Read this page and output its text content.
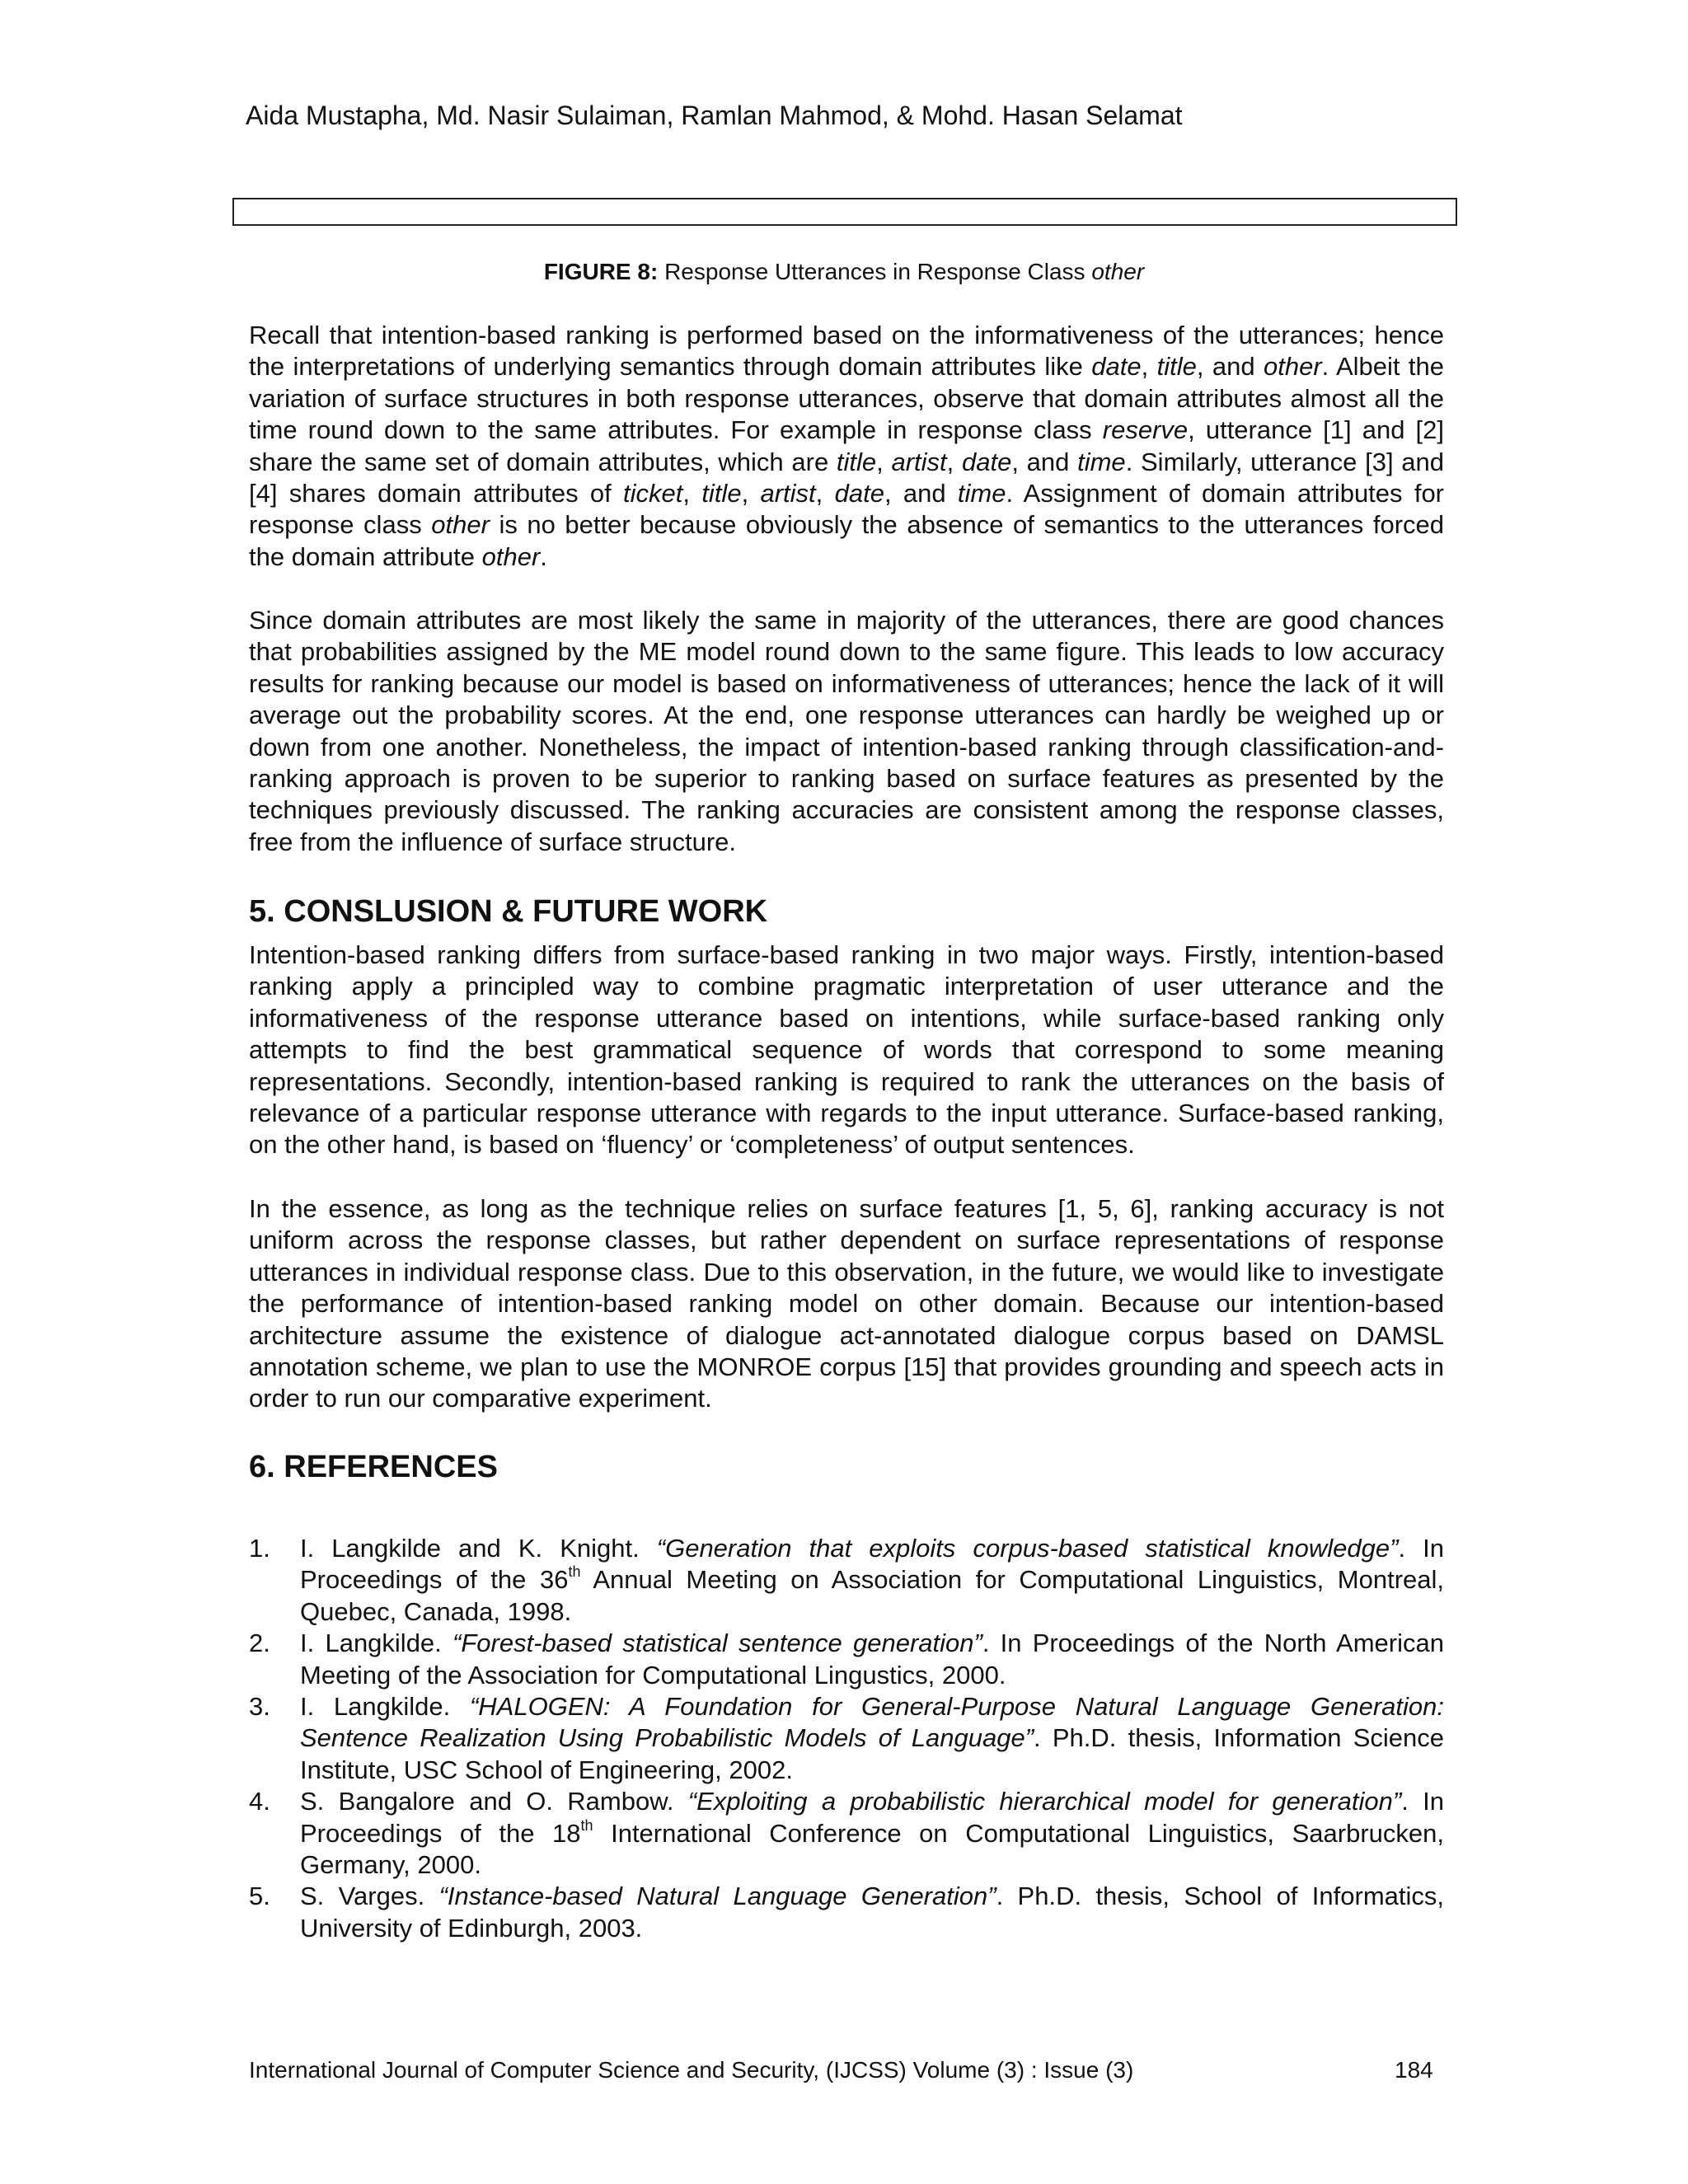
Aida Mustapha, Md. Nasir Sulaiman, Ramlan Mahmod, & Mohd. Hasan Selamat
FIGURE 8: Response Utterances in Response Class other

Recall that intention-based ranking is performed based on the informativeness of the utterances; hence the interpretations of underlying semantics through domain attributes like date, title, and other. Albeit the variation of surface structures in both response utterances, observe that domain attributes almost all the time round down to the same attributes. For example in response class reserve, utterance [1] and [2] share the same set of domain attributes, which are title, artist, date, and time. Similarly, utterance [3] and [4] shares domain attributes of ticket, title, artist, date, and time. Assignment of domain attributes for response class other is no better because obviously the absence of semantics to the utterances forced the domain attribute other.

Since domain attributes are most likely the same in majority of the utterances, there are good chances that probabilities assigned by the ME model round down to the same figure. This leads to low accuracy results for ranking because our model is based on informativeness of utterances; hence the lack of it will average out the probability scores. At the end, one response utterances can hardly be weighed up or down from one another. Nonetheless, the impact of intention-based ranking through classification-and-ranking approach is proven to be superior to ranking based on surface features as presented by the techniques previously discussed. The ranking accuracies are consistent among the response classes, free from the influence of surface structure.

5. CONSLUSION & FUTURE WORK

Intention-based ranking differs from surface-based ranking in two major ways. Firstly, intention-based ranking apply a principled way to combine pragmatic interpretation of user utterance and the informativeness of the response utterance based on intentions, while surface-based ranking only attempts to find the best grammatical sequence of words that correspond to some meaning representations. Secondly, intention-based ranking is required to rank the utterances on the basis of relevance of a particular response utterance with regards to the input utterance. Surface-based ranking, on the other hand, is based on ‘fluency’ or ‘completeness’ of output sentences.

In the essence, as long as the technique relies on surface features [1, 5, 6], ranking accuracy is not uniform across the response classes, but rather dependent on surface representations of response utterances in individual response class. Due to this observation, in the future, we would like to investigate the performance of intention-based ranking model on other domain. Because our intention-based architecture assume the existence of dialogue act-annotated dialogue corpus based on DAMSL annotation scheme, we plan to use the MONROE corpus [15] that provides grounding and speech acts in order to run our comparative experiment.

6. REFERENCES
1. I. Langkilde and K. Knight. “Generation that exploits corpus-based statistical knowledge”. In Proceedings of the 36th Annual Meeting on Association for Computational Linguistics, Montreal, Quebec, Canada, 1998.
2. I. Langkilde. “Forest-based statistical sentence generation”. In Proceedings of the North American Meeting of the Association for Computational Lingustics, 2000.
3. I. Langkilde. “HALOGEN: A Foundation for General-Purpose Natural Language Generation: Sentence Realization Using Probabilistic Models of Language”. Ph.D. thesis, Information Science Institute, USC School of Engineering, 2002.
4. S. Bangalore and O. Rambow. “Exploiting a probabilistic hierarchical model for generation”. In Proceedings of the 18th International Conference on Computational Linguistics, Saarbrucken, Germany, 2000.
5. S. Varges. “Instance-based Natural Language Generation”. Ph.D. thesis, School of Informatics, University of Edinburgh, 2003.
International Journal of Computer Science and Security, (IJCSS) Volume (3) : Issue (3)	184
